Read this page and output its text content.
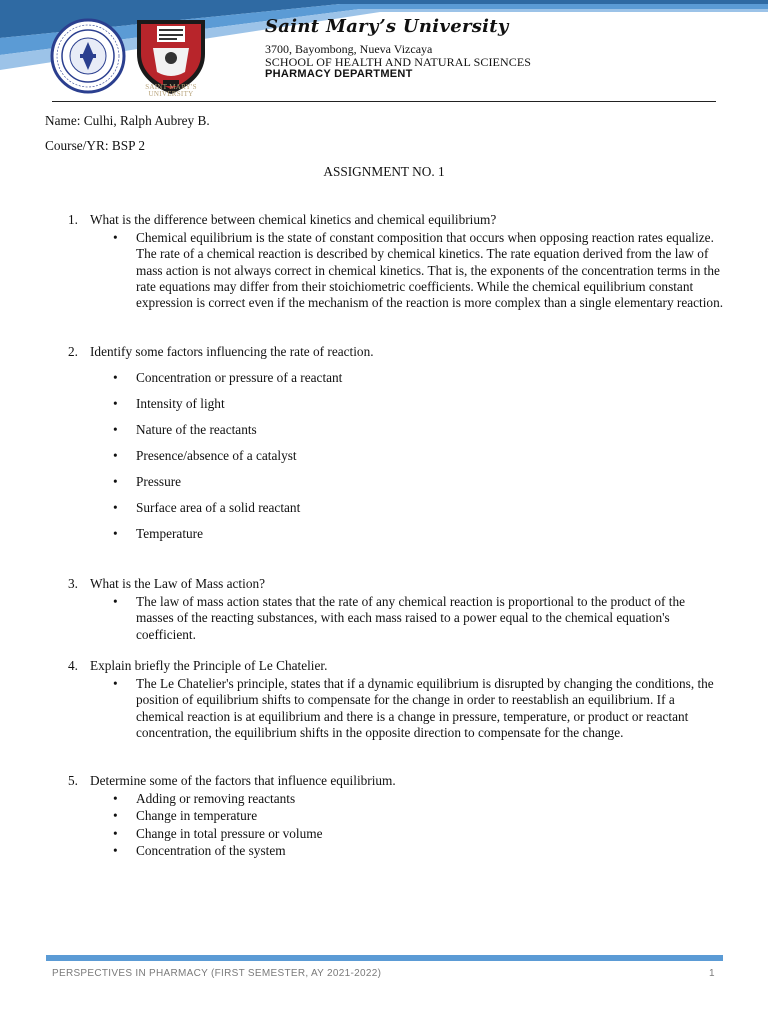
SAINT MARY'S UNIVERSITY
Saint Mary’s University
3700, Bayombong, Nueva Vizcaya
SCHOOL OF HEALTH AND NATURAL SCIENCES
PHARMACY DEPARTMENT
Name: Culhi, Ralph Aubrey B.
Course/YR: BSP 2
ASSIGNMENT NO. 1
1. What is the difference between chemical kinetics and chemical equilibrium?
• Chemical equilibrium is the state of constant composition that occurs when opposing reaction rates equalize. The rate of a chemical reaction is described by chemical kinetics. The rate equation derived from the law of mass action is not always correct in chemical kinetics. That is, the exponents of the concentration terms in the rate equations may differ from their stoichiometric coefficients. While the chemical equilibrium constant expression is correct even if the mechanism of the reaction is more complex than a single elementary reaction.
2. Identify some factors influencing the rate of reaction.
• Concentration or pressure of a reactant
• Intensity of light
• Nature of the reactants
• Presence/absence of a catalyst
• Pressure
• Surface area of a solid reactant
• Temperature
3. What is the Law of Mass action?
• The law of mass action states that the rate of any chemical reaction is proportional to the product of the masses of the reacting substances, with each mass raised to a power equal to the chemical equation's coefficient.
4. Explain briefly the Principle of Le Chatelier.
• The Le Chatelier's principle, states that if a dynamic equilibrium is disrupted by changing the conditions, the position of equilibrium shifts to compensate for the change in order to reestablish an equilibrium. If a chemical reaction is at equilibrium and there is a change in pressure, temperature, or product or reactant concentration, the equilibrium shifts in the opposite direction to compensate for the change.
5. Determine some of the factors that influence equilibrium.
• Adding or removing reactants
• Change in temperature
• Change in total pressure or volume
• Concentration of the system
PERSPECTIVES IN PHARMACY (FIRST SEMESTER, AY 2021-2022)	1
